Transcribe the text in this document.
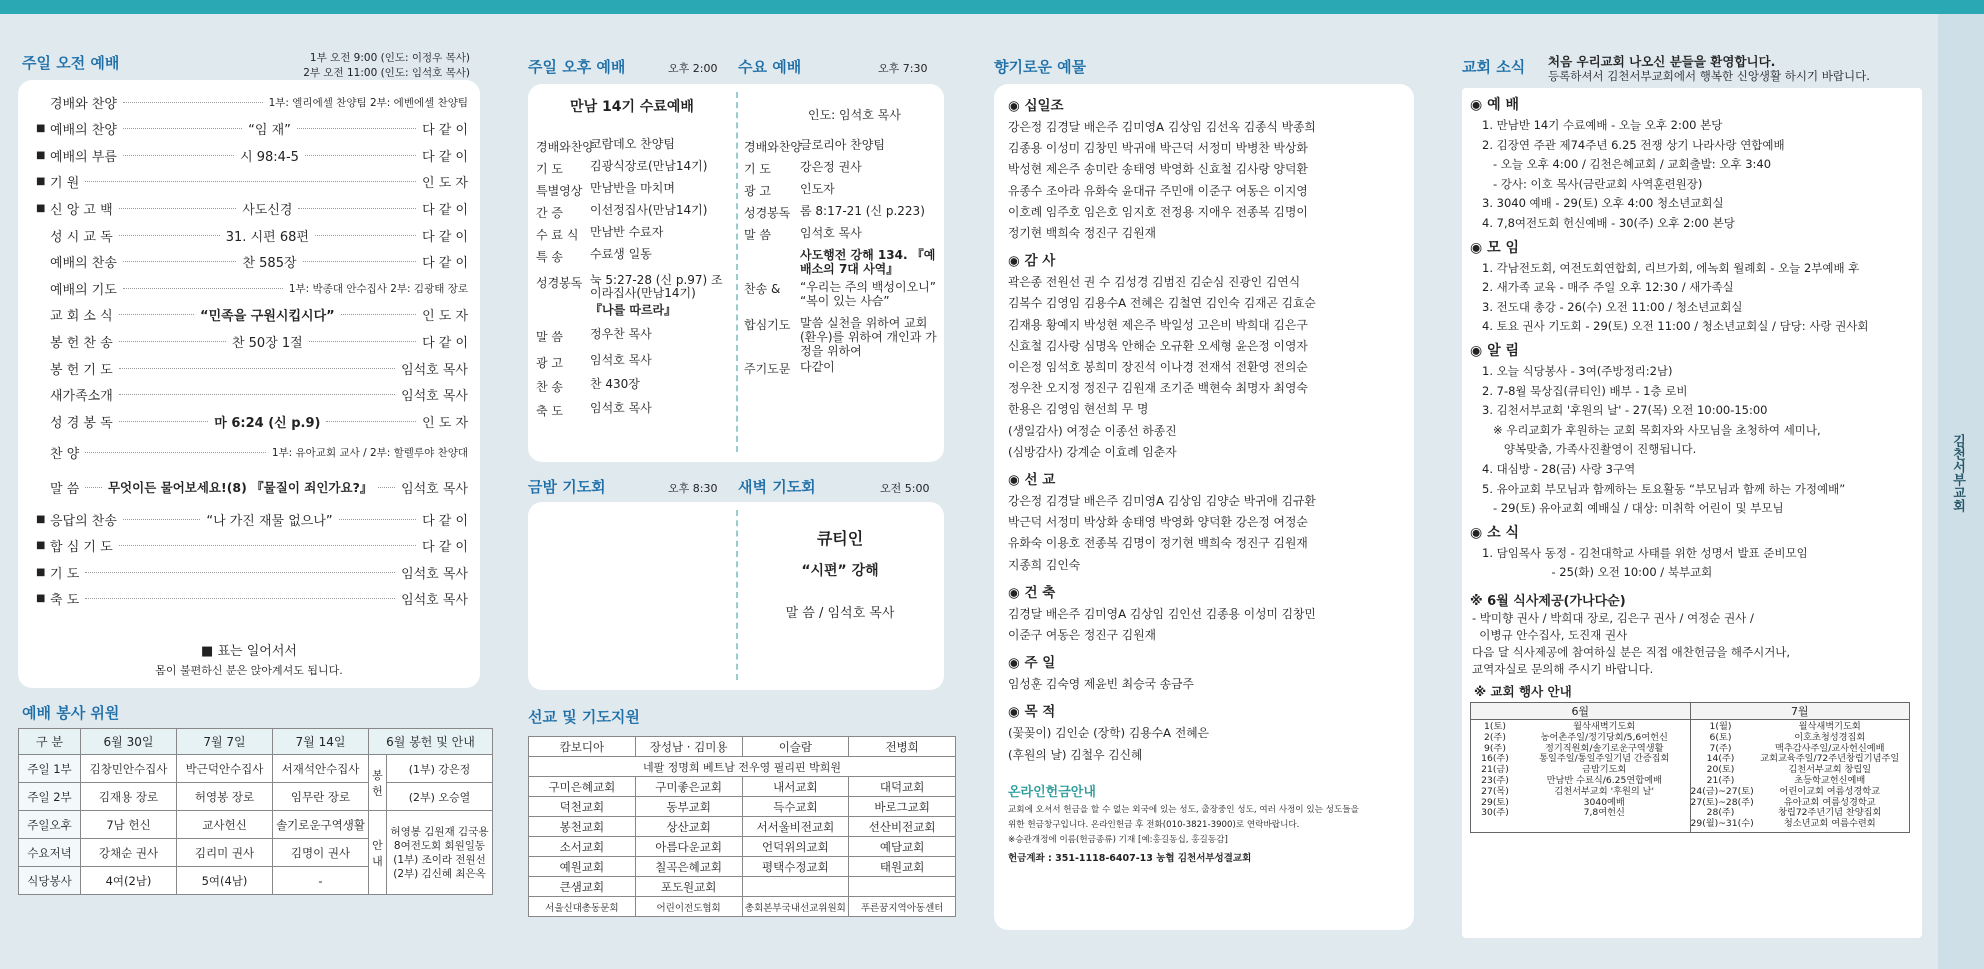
김천서부교회
주일 오전 예배	1부 오전 9:00 (인도: 이정우 목사)
2부 오전 11:00 (인도: 임석호 목사)
경배와 찬양	1부: 엘리에셀 찬양팀 2부: 에벤에셀 찬양팀
■ 예배의 찬양	“임 재”	다 같 이
■ 예배의 부름	시 98:4-5	다 같 이
■ 기 원	인 도 자
■ 신 앙 고 백	사도신경	다 같 이
성 시 교 독	31. 시편 68편	다 같 이
예배의 찬송	찬 585장	다 같 이
예배의 기도	1부: 박종대 안수집사 2부: 김광태 장로
교 회 소 식	“민족을 구원시킵시다”	인 도 자
봉 헌 찬 송	찬 50장 1절	다 같 이
봉 헌 기 도	임석호 목사
새가족소개	임석호 목사
성 경 봉 독	마 6:24 (신 p.9)	인 도 자
찬 양	1부: 유아교회 교사 / 2부: 할렐루야 찬양대
말 씀 무엇이든 물어보세요!(8) 『물질이 죄인가요?』 임석호 목사
■ 응답의 찬송	“나 가진 재물 없으나”	다 같 이
■ 합 심 기 도	다 같 이
■ 기 도	임석호 목사
■ 축 도	임석호 목사
■ 표는 일어서서
몸이 불편하신 분은 앉아계셔도 됩니다.
예배 봉사 위원
구 분	6월 30일	7월 7일	7월 14일	6월 봉헌 및 안내	
주일 1부	김창민안수집사	박근덕안수집사	서재석안수집사	봉헌	(1부) 강은정
주일 2부	김재용 장로	허영봉 장로	임무란 장로		(2부) 오승열
주일오후	7남 헌신	교사헌신	솔기로운구역생활	안내	허영봉 김원재 김국용
8여전도회 회원일동
(1부) 조이라 전원선
(2부) 김신혜 최은옥

수요저녁	강채순 권사	김리미 권사	김명이 권사		
식당봉사	4여(2남)	5여(4남)	-		
주일 오후 예배	오후 2:00 수요 예배	오후 7:30
만남 14기 수료예배
경배와찬양
코람데오 찬양팀
기 도 김광식장로(만남14기)
특별영상 만남반을 마치며
간 증 이선정집사(만남14기)
수 료 식 만남반 수료자
특 송 수료생 일동
성경봉독 눅 5:27-28 (신 p.97) 조이라집사(만남14기)
『나를 따르라』
말 씀 정우찬 목사
광 고 임석호 목사
찬 송 찬 430장
축 도 임석호 목사
인도: 임석호 목사
경배와찬양
글로리아 찬양팀
기 도 강은정 권사
광 고 인도자
성경봉독 롬 8:17-21 (신 p.223)
말 씀 임석호 목사
사도행전 강해 134. 『예배소의 7대 사역』
찬송 & “우리는 주의 백성이오니” “복이 있는 사슴”
합심기도 말씀 실천을 위하여 교회(환우)를 위하여 개인과 가정을 위하여
주기도문 다같이
금밤 기도회	오후 8:30 새벽 기도회	오전 5:00
큐티인
“시편” 강해
말 씀 / 임석호 목사
선교 및 기도지원
캄보디아	장성남 · 김미용	이슬람	전병희
네팔 정명희 베트남 전우영 필리핀 박희원			
구미은혜교회	구미좋은교회	내서교회	대덕교회
덕천교회	동부교회	득수교회	바로그교회
봉천교회	상산교회	서서울비전교회	선산비전교회
소서교회	아름다운교회	언덕위의교회	예담교회
예원교회	칠곡은혜교회	평택수정교회	태원교회
큰샘교회	포도원교회		
서울신대총동문회	어린이전도협회	총회본부국내선교위원회	푸른꿈지역아동센터
향기로운 예물
◉ 십일조
강은정 김경달 배은주 김미영A 김상임 김선옥 김종식 박종희
김종용 이성미 김창민 박귀애 박근덕 서정미 박병찬 박상화
박성현 제은주 송미란 송태영 박영화 신효철 김사랑 양덕환
유종수 조아라 유화숙 윤대규 주민애 이준구 여동은 이지영
이호례 임주호 임은호 임지호 전정용 지애우 전종복 김명이
정기현 백희숙 정진구 김원재
◉ 감 사
곽은종 전원선 권 수 김성경 김범진 김순심 진광인 김연식
김복수 김영임 김용수A 전혜은 김철연 김인숙 김재곤 김효순
김재용 황예지 박성현 제은주 박일성 고은비 박희대 김은구
신효철 김사랑 심명옥 안해순 오규환 오세형 윤은정 이영자
이은정 임석호 봉희미 장진석 이나경 전재석 전환영 전의순
정우찬 오지정 정진구 김원재 조기준 백현숙 최명자 최영숙
한용은 김영임 현선희 무 명
(생일감사) 여정순 이종선 하종진
(심방감사) 강계순 이효례 임춘자
◉ 선 교
강은정 김경달 배은주 김미영A 김상임 김양순 박귀애 김규환
박근덕 서정미 박상화 송태영 박영화 양덕환 강은정 여정순
유화숙 이용호 전종복 김명이 정기현 백희숙 정진구 김원재
지종희 김인숙
◉ 건 축
김경달 배은주 김미영A 김상임 김인선 김종용 이성미 김창민
이준구 여동은 정진구 김원재
◉ 주 일
임성훈 김숙영 제윤빈 최승국 송금주
◉ 목 적
(꽃꽂이) 김인순 (장학) 김용수A 전혜은
(후원의 날) 김철우 김신혜
온라인헌금안내
교회에 오셔서 헌금을 할 수 없는 외국에 있는 성도, 출장중인 성도, 여러 사정이 있는 성도들을
위한 헌금창구입니다. 온라인헌금 후 전화(010-3821-3900)로 연락바랍니다.
※승관개정에 이름(헌금종류) 기재 [예:홍길동십, 홍길동감]
헌금계좌 : 351-1118-6407-13 농협 김천서부성결교회
교회 소식 처음 우리교회 나오신 분들을 환영합니다.
등록하셔서 김천서부교회에서 행복한 신앙생활 하시기 바랍니다.
◉ 예 배
1. 만남반 14기 수료예배 - 오늘 오후 2:00 본당
2. 김장연 주관 제74주년 6.25 전쟁 상기 나라사랑 연합예배
- 오늘 오후 4:00 / 김천은혜교회 / 교회출발: 오후 3:40
- 강사: 이호 목사(금란교회 사역훈련원장)
3. 3040 예배 - 29(토) 오후 4:00 청소년교회실
4. 7,8여전도회 헌신예배 - 30(주) 오후 2:00 본당
◉ 모 임
1. 각남전도회, 여전도회연합회, 리브가회, 에녹회 월례회 - 오늘 2부예배 후
2. 새가족 교육 - 매주 주일 오후 12:30 / 새가족실
3. 전도대 총강 - 26(수) 오전 11:00 / 청소년교회실
4. 토요 권사 기도회 - 29(토) 오전 11:00 / 청소년교회실 / 담당: 사랑 권사회
◉ 알 림
1. 오늘 식당봉사 - 3여(주방정리:2남)
2. 7-8월 묵상집(큐티인) 배부 - 1층 로비
3. 김천서부교회 '후원의 날' - 27(목) 오전 10:00-15:00
※ 우리교회가 후원하는 교회 목회자와 사모님을 초청하여 세미나,
양복맞춤, 가족사진촬영이 진행됩니다.
4. 대심방 - 28(금) 사랑 3구역
5. 유아교회 부모님과 함께하는 토요활동 “부모님과 함께 하는 가정예배”
- 29(토) 유아교회 예배실 / 대상: 미취학 어린이 및 부모님
◉ 소 식
1. 담임목사 동정 - 김천대학교 사태를 위한 성명서 발표 준비모임
- 25(화) 오전 10:00 / 북부교회
※ 6월 식사제공(가나다순)
- 박미향 권사 / 박희대 장로, 김은구 권사 / 여정순 권사 /
이병규 안수집사, 도진재 권사
다음 달 식사제공에 참여하실 분은 직접 애찬헌금을 해주시거나,
교역자실로 문의해 주시기 바랍니다.
※ 교회 행사 안내
6월	7월
1(토)	월삭새벽기도회
2(주)	농어촌주일/정기당회/5,6여헌신
9(주)	정기직원회/솔기로운구역생활
16(주)	통일주일/통일주일기념 간증집회
21(금)	금밤기도회
23(주)	만남반 수료식/6.25연합예배
27(목)	김천서부교회 '후원의 날'
29(토)	3040예배
30(주)	7,8여헌신
1(월)	월삭새벽기도회
6(토)	이호초청성경집회
7(주)	맥추감사주일/교사헌신예배
14(주)	교회교육주일/72주년창립기념주일
20(토)	김천서부교회 창립일
21(주)	초등학교헌신예배
24(금)~27(토)	어린이교회 여름성경학교
27(토)~28(주)	유아교회 여름성경학교
28(주)	창립72주년기념 찬양집회
29(월)~31(수)	청소년교회 여름수련회
